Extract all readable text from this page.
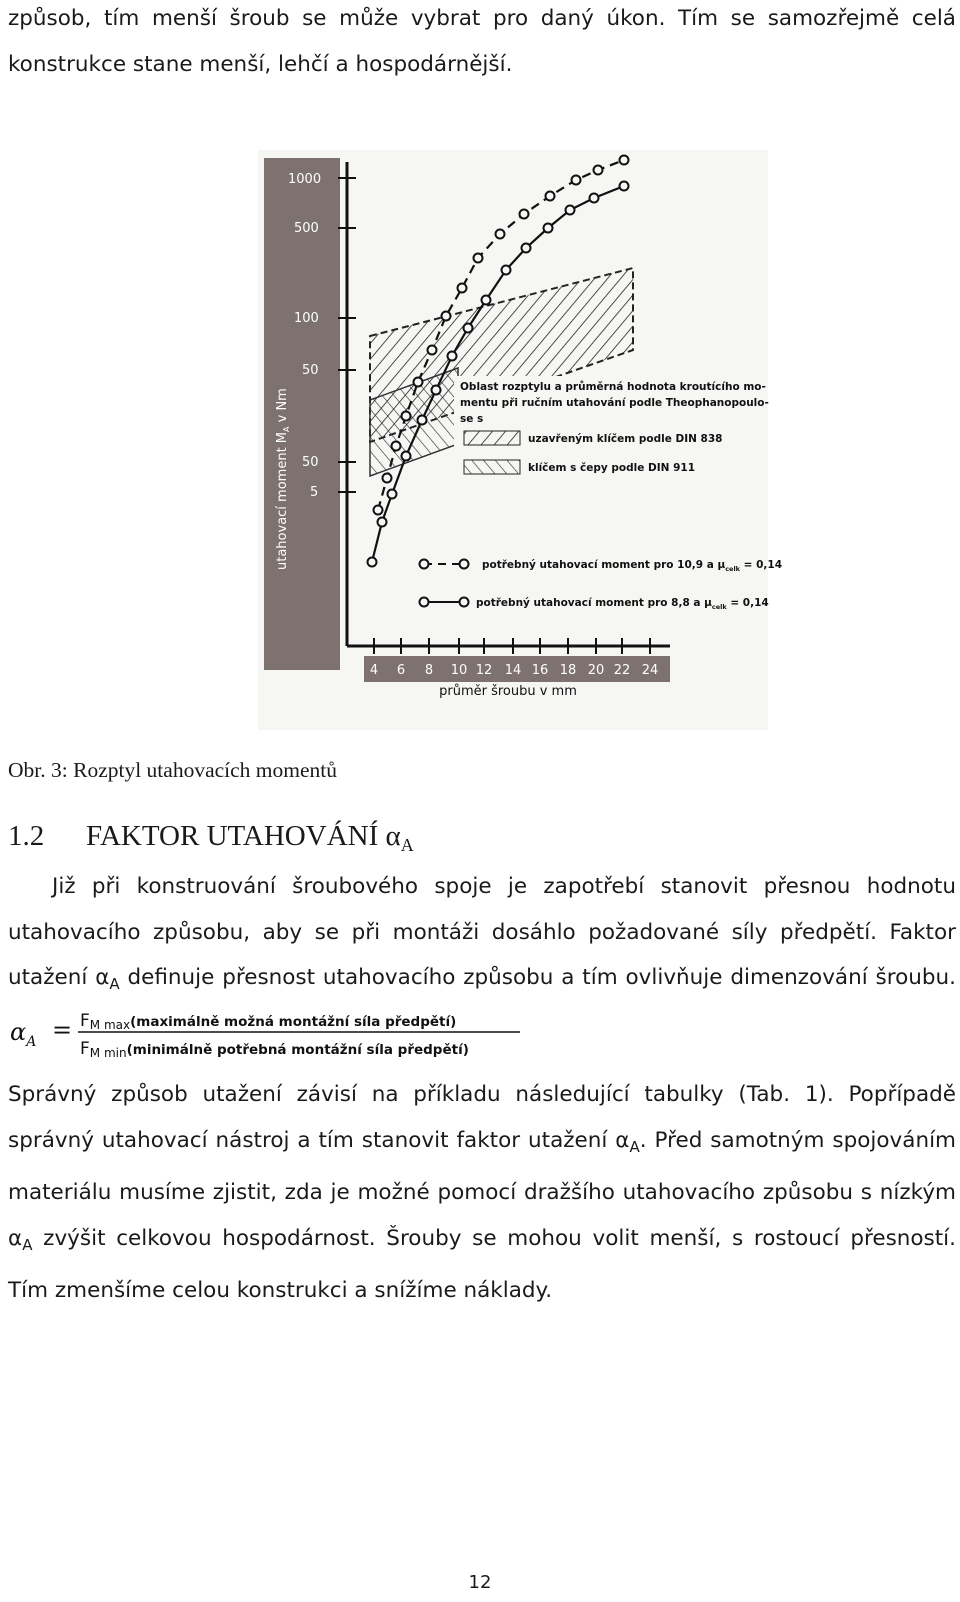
způsob, tím menší šroub se může vybrat pro daný úkon. Tím se samozřejmě celá
konstrukce stane menší, lehčí a hospodárnější.
utahovací moment $M_A$ v Nm
1000
500
100
50
50
5
4 6 8 10 12 14 16 18 20 22 24
průměr šroubu v mm
Oblast rozptylu a průměrná hodnota kroutícího mo-
mentu při ručním utahování podle Theophanopoulo-
se s
uzavřeným klíčem podle DIN 838
klíčem s čepy podle DIN 911
potřebný utahovací moment pro 10,9 a $\mu_{celk} = 0,14$
potřebný utahovací moment pro 8,8 a $\mu_{celk} = 0,14$
Obr. 3: Rozptyl utahovacích momentů
1.2 FAKTOR UTAHOVÁNÍ $\alpha_A$
Již při konstruování šroubového spoje je zapotřebí stanovit přesnou hodnotu
utahovacího způsobu, aby se při montáži dosáhlo požadované síly předpětí. Faktor
utažení $\alpha_A$ definuje přesnost utahovacího způsobu a tím ovlivňuje dimenzování šroubu.
$\alpha_A$ = FM max(maximálně možná montážní síla předpětí)
FM min(minimálně potřebná montážní síla předpětí)
Správný způsob utažení závisí na příkladu následující tabulky (Tab. 1). Popřípadě
správný utahovací nástroj a tím stanovit faktor utažení $\alpha_A$. Před samotným spojováním
materiálu musíme zjistit, zda je možné pomocí dražšího utahovacího způsobu s nízkým
$\alpha_A$ zvýšit celkovou hospodárnost. Šrouby se mohou volit menší, s rostoucí přesností.
Tím zmenšíme celou konstrukci a snížíme náklady.
12
